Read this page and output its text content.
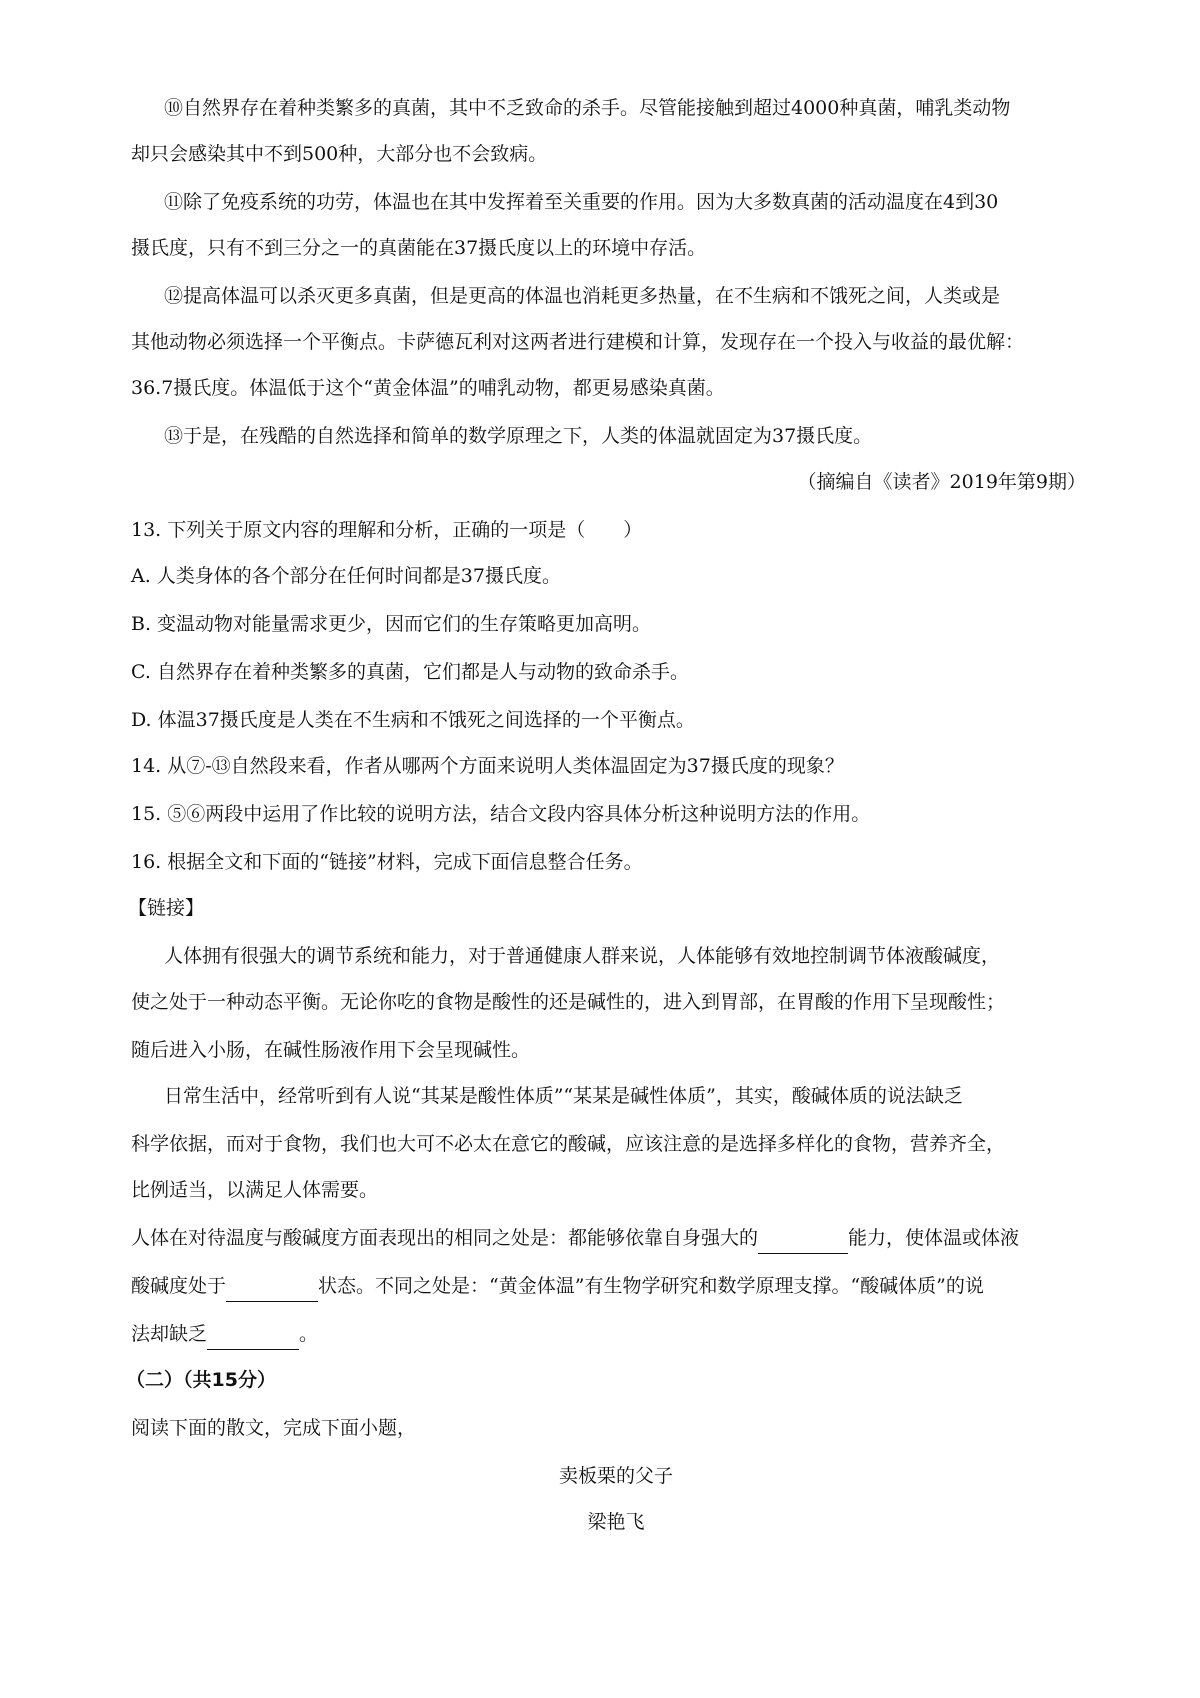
⑩自然界存在着种类繁多的真菌，其中不乏致命的杀手。尽管能接触到超过4000种真菌，哺乳类动物
却只会感染其中不到500种，大部分也不会致病。
⑪除了免疫系统的功劳，体温也在其中发挥着至关重要的作用。因为大多数真菌的活动温度在4到30
摄氏度，只有不到三分之一的真菌能在37摄氏度以上的环境中存活。
⑫提高体温可以杀灭更多真菌，但是更高的体温也消耗更多热量，在不生病和不饿死之间，人类或是
其他动物必须选择一个平衡点。卡萨德瓦利对这两者进行建模和计算，发现存在一个投入与收益的最优解：
36.7摄氏度。体温低于这个“黄金体温”的哺乳动物，都更易感染真菌。
⑬于是，在残酷的自然选择和简单的数学原理之下，人类的体温就固定为37摄氏度。
（摘编自《读者》2019年第9期）
13. 下列关于原文内容的理解和分析，正确的一项是（　　）
A. 人类身体的各个部分在任何时间都是37摄氏度。
B. 变温动物对能量需求更少，因而它们的生存策略更加高明。
C. 自然界存在着种类繁多的真菌，它们都是人与动物的致命杀手。
D. 体温37摄氏度是人类在不生病和不饿死之间选择的一个平衡点。
14. 从⑦-⑬自然段来看，作者从哪两个方面来说明人类体温固定为37摄氏度的现象？
15. ⑤⑥两段中运用了作比较的说明方法，结合文段内容具体分析这种说明方法的作用。
16. 根据全文和下面的“链接”材料，完成下面信息整合任务。
【链接】
人体拥有很强大的调节系统和能力，对于普通健康人群来说，人体能够有效地控制调节体液酸碱度，
使之处于一种动态平衡。无论你吃的食物是酸性的还是碱性的，进入到胃部，在胃酸的作用下呈现酸性；
随后进入小肠，在碱性肠液作用下会呈现碱性。
日常生活中，经常听到有人说“其某是酸性体质”“某某是碱性体质”，其实，酸碱体质的说法缺乏
科学依据，而对于食物，我们也大可不必太在意它的酸碱，应该注意的是选择多样化的食物，营养齐全，
比例适当，以满足人体需要。
人体在对待温度与酸碱度方面表现出的相同之处是：都能够依靠自身强大的	能力，使体温或体液
酸碱度处于	状态。不同之处是：“黄金体温”有生物学研究和数学原理支撑。“酸碱体质”的说
法却缺乏	。
（二）（共15分）
阅读下面的散文，完成下面小题，
卖板栗的父子
梁艳飞
